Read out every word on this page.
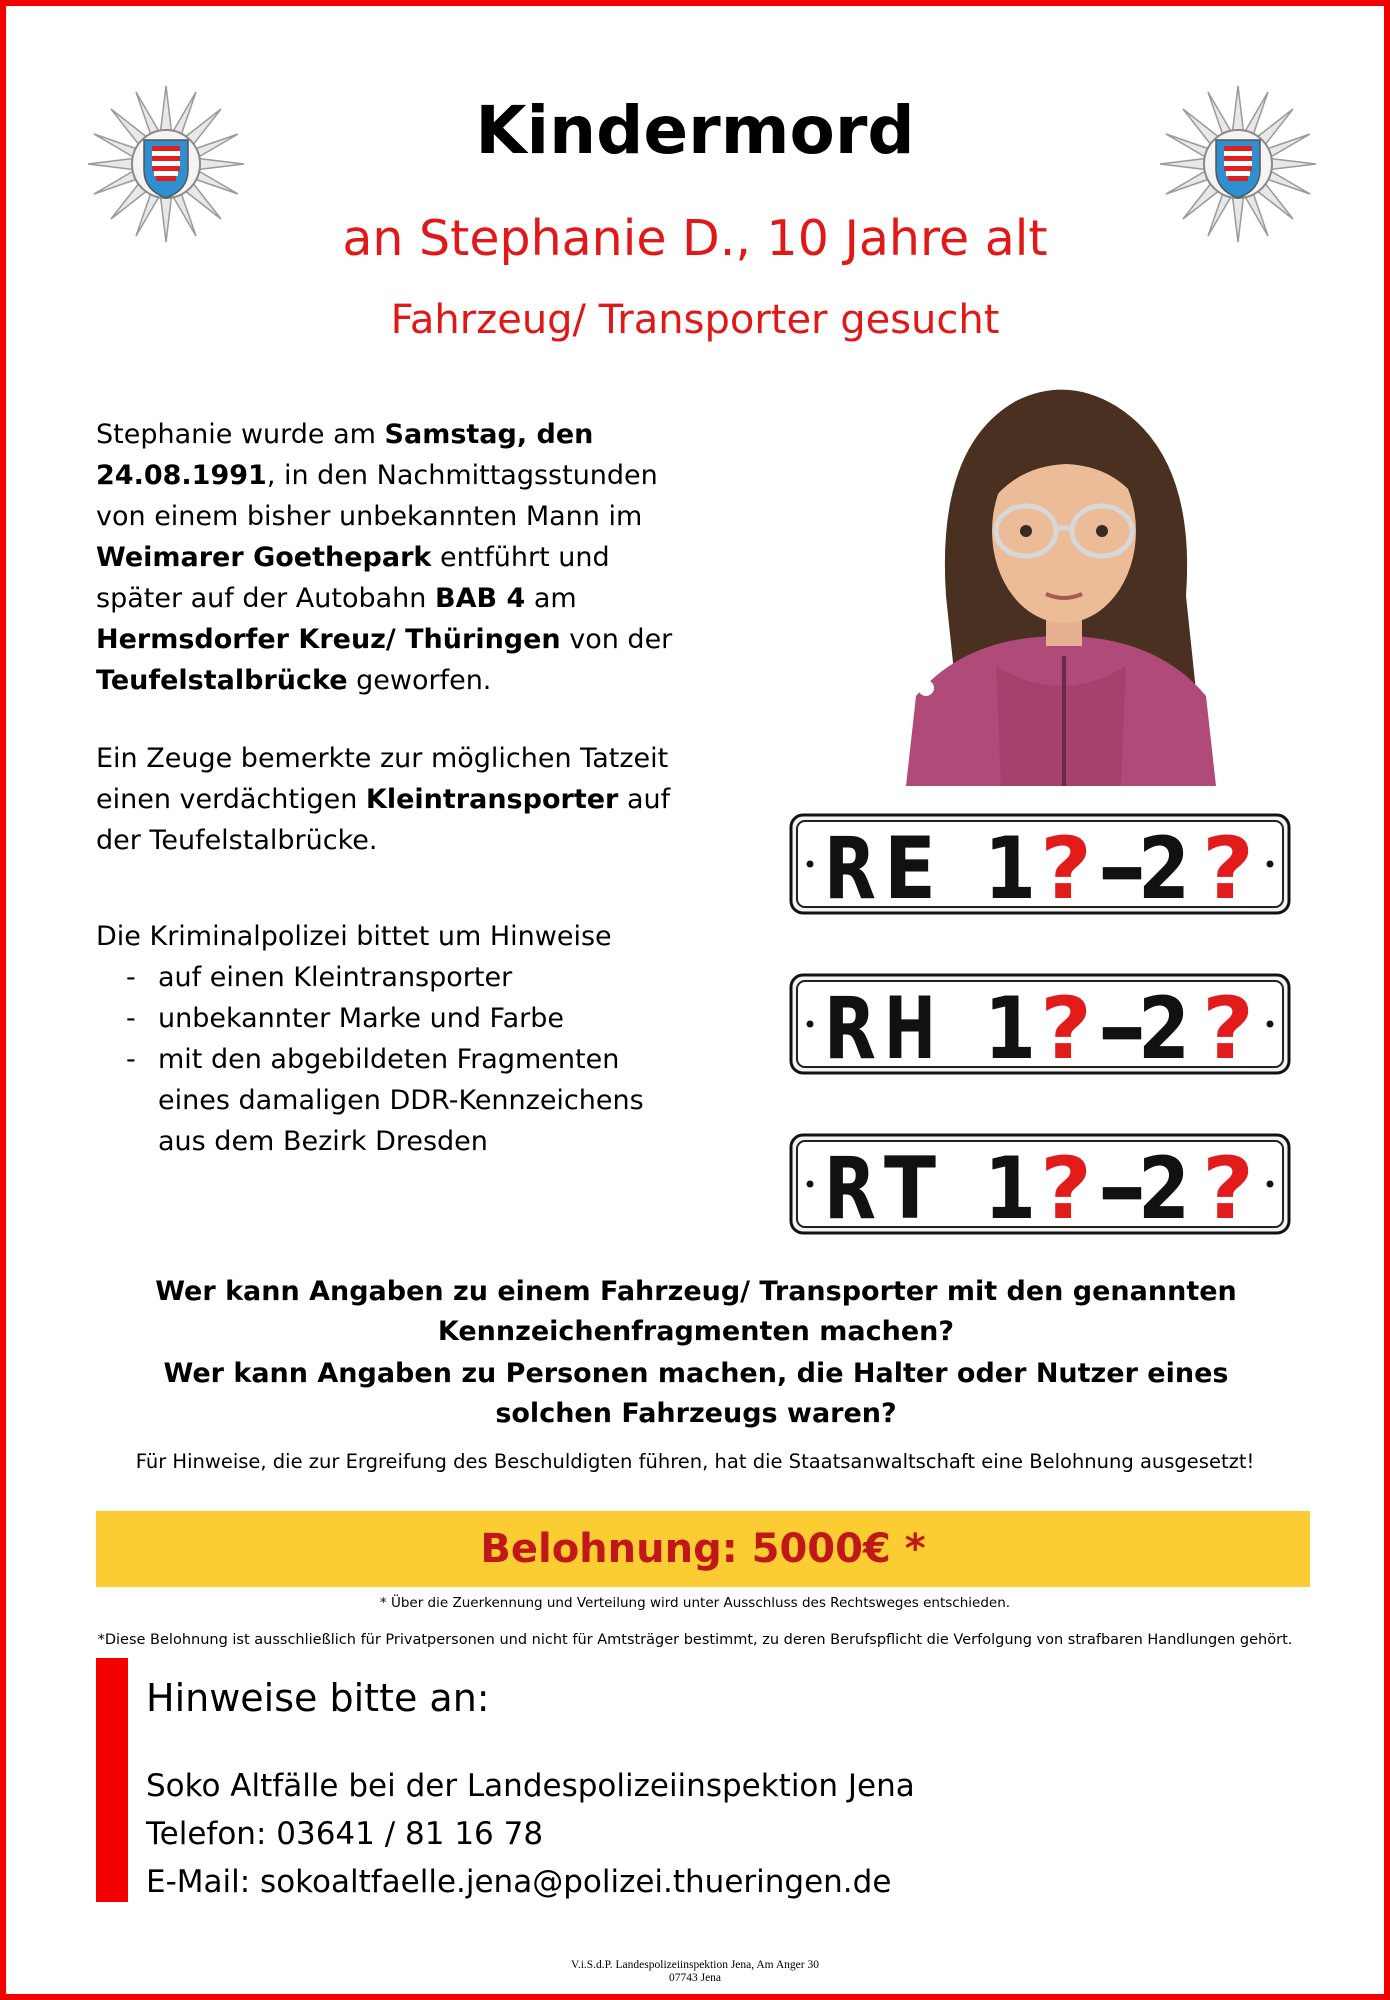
Kindermord
an Stephanie D., 10 Jahre alt
Fahrzeug/ Transporter gesucht
Stephanie wurde am Samstag, den
24.08.1991, in den Nachmittagsstunden
von einem bisher unbekannten Mann im
Weimarer Goethepark entführt und
später auf der Autobahn BAB 4 am
Hermsdorfer Kreuz/ Thüringen von der
Teufelstalbrücke geworfen.
Ein Zeuge bemerkte zur möglichen Tatzeit
einen verdächtigen Kleintransporter auf
der Teufelstalbrücke.
Die Kriminalpolizei bittet um Hinweise
- auf einen Kleintransporter
- unbekannter Marke und Farbe
- mit den abgebildeten Fragmenten eines damaligen DDR-Kennzeichens aus dem Bezirk Dresden
R E 1 ? -
2 ?
R H 1 ? -
2 ?
R T 1 ? -
2 ?
Wer kann Angaben zu einem Fahrzeug/ Transporter mit den genannten Kennzeichenfragmenten machen?
Wer kann Angaben zu Personen machen, die Halter oder Nutzer eines solchen Fahrzeugs waren?
Für Hinweise, die zur Ergreifung des Beschuldigten führen, hat die Staatsanwaltschaft eine Belohnung ausgesetzt!
Belohnung: 5000€ *
* Über die Zuerkennung und Verteilung wird unter Ausschluss des Rechtsweges entschieden.
*Diese Belohnung ist ausschließlich für Privatpersonen und nicht für Amtsträger bestimmt, zu deren Berufspflicht die Verfolgung von strafbaren Handlungen gehört.
Hinweise bitte an:
Soko Altfälle bei der Landespolizeiinspektion Jena
Telefon: 03641 / 81 16 78
E-Mail: sokoaltfaelle.jena@polizei.thueringen.de
V.i.S.d.P. Landespolizeiinspektion Jena, Am Anger 30
07743 Jena
